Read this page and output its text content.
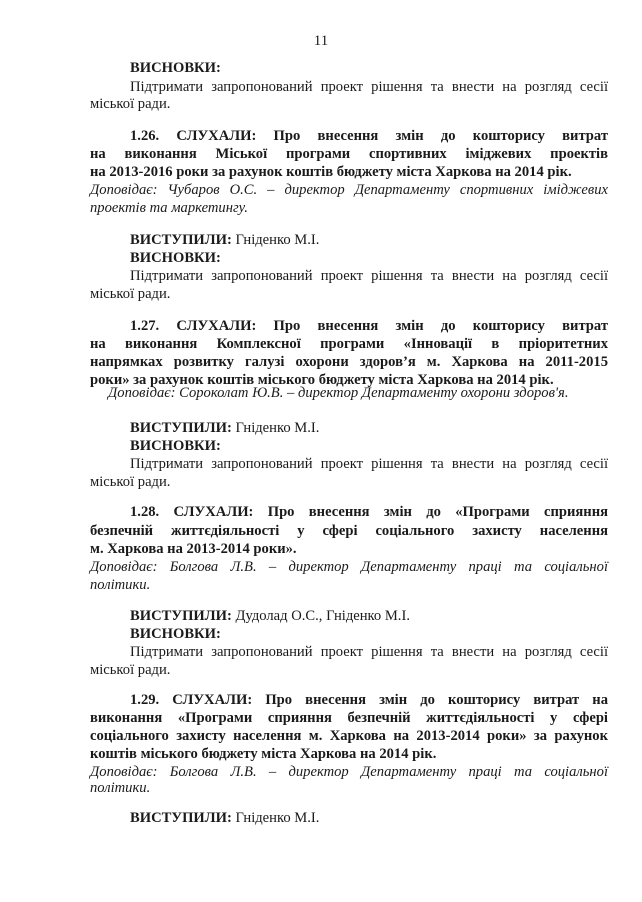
11
ВИСНОВКИ:
Підтримати запропонований проект рішення та внести на розгляд сесії
міської ради.
1.26. СЛУХАЛИ: Про внесення змін до кошторису витрат
на виконання Міської програми спортивних іміджевих проектів
на 2013-2016 роки за рахунок коштів бюджету міста Харкова на 2014 рік.
Доповідає: Чубаров О.С. – директор Департаменту спортивних іміджевих
проектів та маркетингу.
ВИСТУПИЛИ: Гніденко М.І.
ВИСНОВКИ:
Підтримати запропонований проект рішення та внести на розгляд сесії
міської ради.
1.27. СЛУХАЛИ: Про внесення змін до кошторису витрат
на виконання Комплексної програми «Інновації в пріоритетних
напрямках розвитку галузі охорони здоров’я м. Харкова на 2011-2015
роки» за рахунок коштів міського бюджету міста Харкова на 2014 рік.
Доповідає: Сороколат Ю.В. – директор Департаменту охорони здоров'я.
ВИСТУПИЛИ: Гніденко М.І.
ВИСНОВКИ:
Підтримати запропонований проект рішення та внести на розгляд сесії
міської ради.
1.28. СЛУХАЛИ: Про внесення змін до «Програми сприяння
безпечній життєдіяльності у сфері соціального захисту населення
м. Харкова на 2013-2014 роки».
Доповідає: Болгова Л.В. – директор Департаменту праці та соціальної
політики.
ВИСТУПИЛИ: Дудолад О.С., Гніденко М.І.
ВИСНОВКИ:
Підтримати запропонований проект рішення та внести на розгляд сесії
міської ради.
1.29. СЛУХАЛИ: Про внесення змін до кошторису витрат на
виконання «Програми сприяння безпечній життєдіяльності у сфері
соціального захисту населення м. Харкова на 2013-2014 роки» за рахунок
коштів міського бюджету міста Харкова на 2014 рік.
Доповідає: Болгова Л.В. – директор Департаменту праці та соціальної
політики.
ВИСТУПИЛИ: Гніденко М.І.
